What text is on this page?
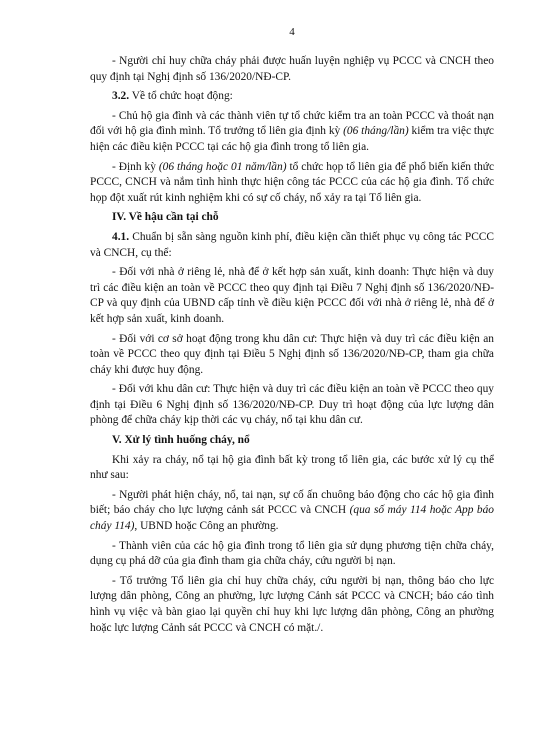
4

- Người chỉ huy chữa cháy phải được huấn luyện nghiệp vụ PCCC và CNCH theo quy định tại Nghị định số 136/2020/NĐ-CP.

3.2. Về tổ chức hoạt động:

- Chủ hộ gia đình và các thành viên tự tổ chức kiểm tra an toàn PCCC và thoát nạn đối với hộ gia đình mình. Tổ trưởng tổ liên gia định kỳ (06 tháng/lần) kiểm tra việc thực hiện các điều kiện PCCC tại các hộ gia đình trong tổ liên gia.

- Định kỳ (06 tháng hoặc 01 năm/lần) tổ chức họp tổ liên gia để phổ biến kiến thức PCCC, CNCH và nắm tình hình thực hiện công tác PCCC của các hộ gia đình. Tổ chức họp đột xuất rút kinh nghiệm khi có sự cố cháy, nổ xảy ra tại Tổ liên gia.

IV. Về hậu cần tại chỗ

4.1. Chuẩn bị sẵn sàng nguồn kinh phí, điều kiện cần thiết phục vụ công tác PCCC và CNCH, cụ thể:

- Đối với nhà ở riêng lẻ, nhà để ở kết hợp sản xuất, kinh doanh: Thực hiện và duy trì các điều kiện an toàn về PCCC theo quy định tại Điều 7 Nghị định số 136/2020/NĐ-CP và quy định của UBND cấp tỉnh về điều kiện PCCC đối với nhà ở riêng lẻ, nhà để ở kết hợp sản xuất, kinh doanh.

- Đối với cơ sở hoạt động trong khu dân cư: Thực hiện và duy trì các điều kiện an toàn về PCCC theo quy định tại Điều 5 Nghị định số 136/2020/NĐ-CP, tham gia chữa cháy khi được huy động.

- Đối với khu dân cư: Thực hiện và duy trì các điều kiện an toàn về PCCC theo quy định tại Điều 6 Nghị định số 136/2020/NĐ-CP. Duy trì hoạt động của lực lượng dân phòng để chữa cháy kịp thời các vụ cháy, nổ tại khu dân cư.

V. Xử lý tình huống cháy, nổ

Khi xảy ra cháy, nổ tại hộ gia đình bất kỳ trong tổ liên gia, các bước xử lý cụ thể như sau:

- Người phát hiện cháy, nổ, tai nạn, sự cố ấn chuông báo động cho các hộ gia đình biết; báo cháy cho lực lượng cảnh sát PCCC và CNCH (qua số máy 114 hoặc App báo cháy 114), UBND hoặc Công an phường.

- Thành viên của các hộ gia đình trong tổ liên gia sử dụng phương tiện chữa cháy, dụng cụ phá dỡ của gia đình tham gia chữa cháy, cứu người bị nạn.

- Tổ trưởng Tổ liên gia chỉ huy chữa cháy, cứu người bị nạn, thông báo cho lực lượng dân phòng, Công an phường, lực lượng Cảnh sát PCCC và CNCH; báo cáo tình hình vụ việc và bàn giao lại quyền chỉ huy khi lực lượng dân phòng, Công an phường hoặc lực lượng Cảnh sát PCCC và CNCH có mặt./.
